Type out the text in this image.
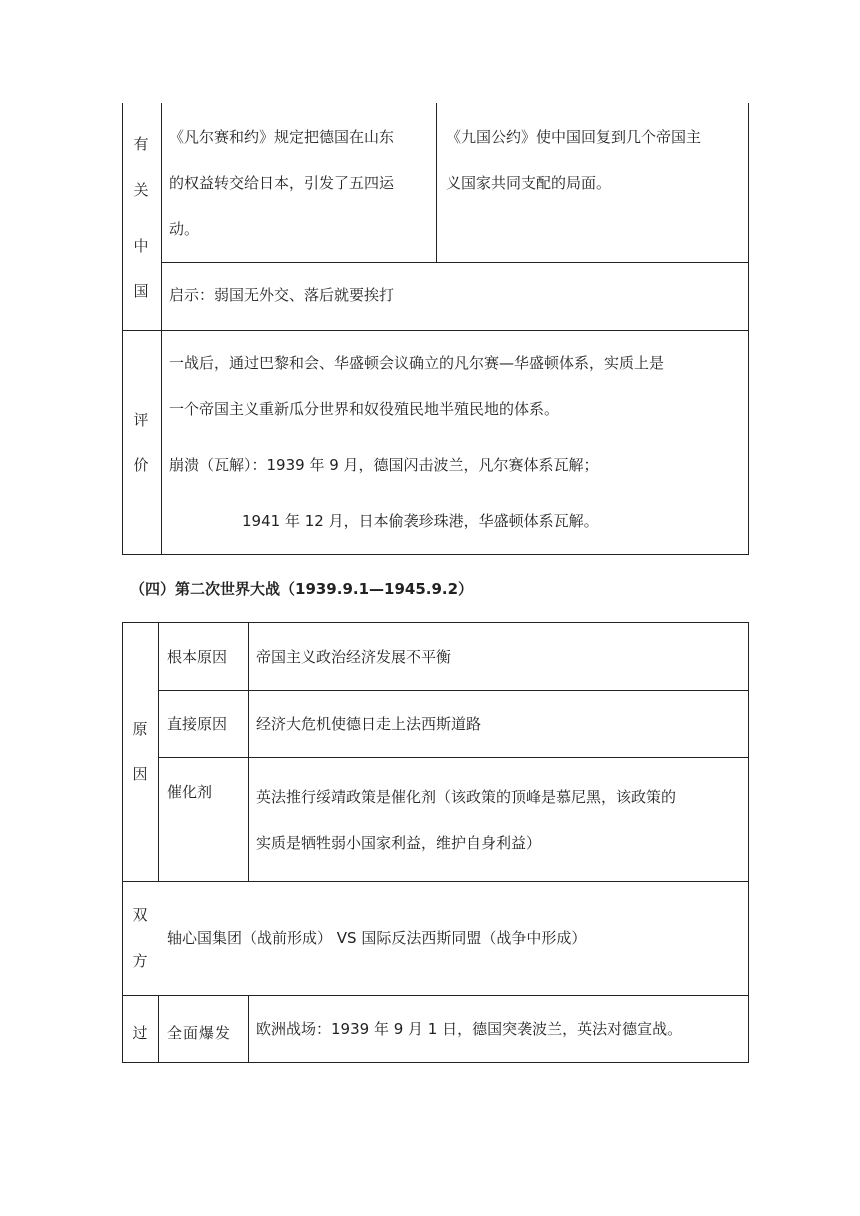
有
关
中
国
《凡尔赛和约》规定把德国在山东
的权益转交给日本，引发了五四运
动。
《九国公约》使中国回复到几个帝国主
义国家共同支配的局面。
启示：弱国无外交、落后就要挨打
评
价
一战后，通过巴黎和会、华盛顿会议确立的凡尔赛—华盛顿体系，实质上是
一个帝国主义重新瓜分世界和奴役殖民地半殖民地的体系。
崩溃（瓦解）：1939 年 9 月，德国闪击波兰，凡尔赛体系瓦解；
1941 年 12 月，日本偷袭珍珠港，华盛顿体系瓦解。
（四）第二次世界大战（1939.9.1—1945.9.2）
原
因
根本原因 帝国主义政治经济发展不平衡
直接原因 经济大危机使德日走上法西斯道路
催化剂	英法推行绥靖政策是催化剂（该政策的顶峰是慕尼黑，该政策的
实质是牺牲弱小国家利益，维护自身利益）
双
方
轴心国集团（战前形成） VS 国际反法西斯同盟（战争中形成）
过 全面爆发 欧洲战场：1939 年 9 月 1 日，德国突袭波兰，英法对德宣战。
